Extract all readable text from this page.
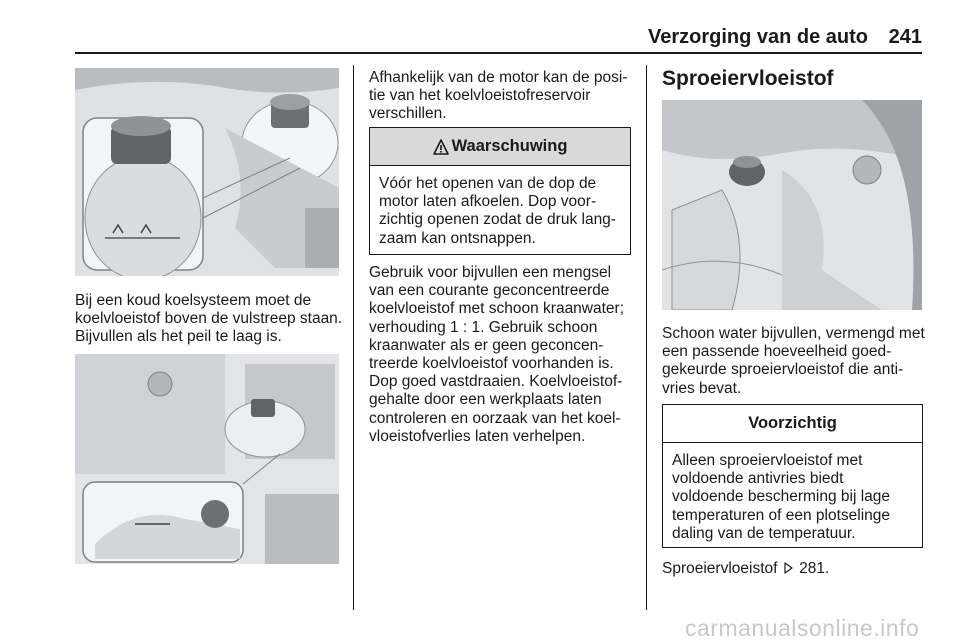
Verzorging van de auto 241

Bij een koud koelsysteem moet de koelvloeistof boven de vulstreep staan. Bijvullen als het peil te laag is.

Afhankelijk van de motor kan de posi-tie van het koelvloeistofreservoir verschillen.

Waarschuwing
Vóór het openen van de dop de motor laten afkoelen. Dop voor-zichtig openen zodat de druk lang-zaam kan ontsnappen.

Gebruik voor bijvullen een mengsel van een courante geconcentreerde koelvloeistof met schoon kraanwater; verhouding 1 : 1. Gebruik schoon kraanwater als er geen geconcen-treerde koelvloeistof voorhanden is. Dop goed vastdraaien. Koelvloeistof-gehalte door een werkplaats laten controleren en oorzaak van het koel-vloeistofverlies laten verhelpen.

Sproeiervloeistof

Schoon water bijvullen, vermengd met een passende hoeveelheid goed-gekeurde sproeiervloeistof die anti-vries bevat.

Voorzichtig
Alleen sproeiervloeistof met voldoende antivries biedt voldoende bescherming bij lage temperaturen of een plotselinge daling van de temperatuur.

Sproeiervloeistof 281.

carmanualsonline.info
